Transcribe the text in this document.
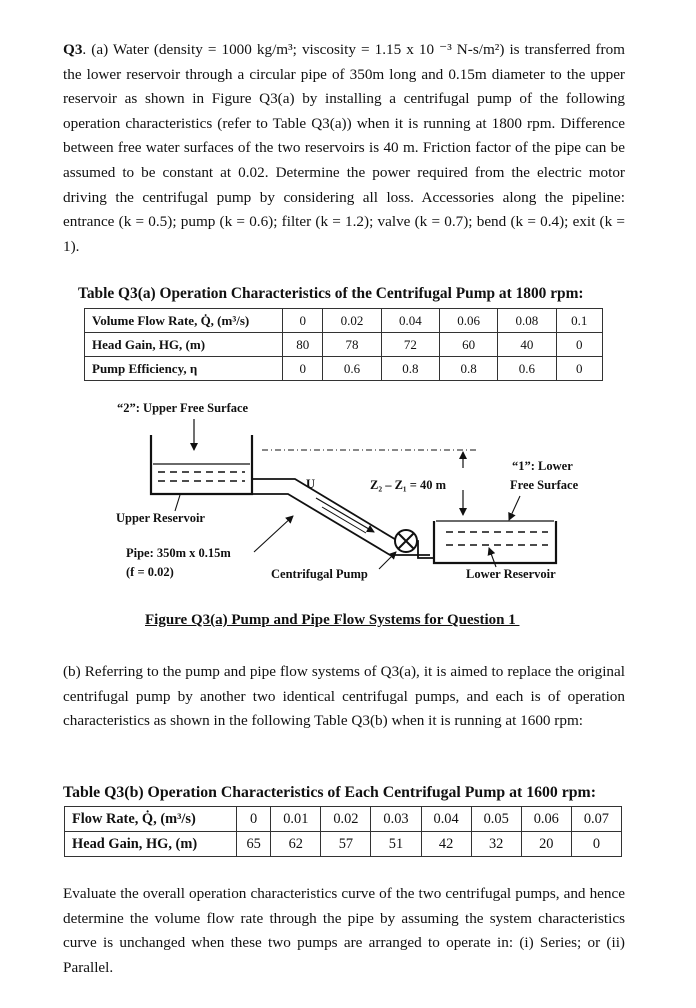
Q3. (a) Water (density = 1000 kg/m³; viscosity = 1.15 x 10 ⁻³ N-s/m²) is transferred from the lower reservoir through a circular pipe of 350m long and 0.15m diameter to the upper reservoir as shown in Figure Q3(a) by installing a centrifugal pump of the following operation characteristics (refer to Table Q3(a)) when it is running at 1800 rpm. Difference between free water surfaces of the two reservoirs is 40 m. Friction factor of the pipe can be assumed to be constant at 0.02. Determine the power required from the electric motor driving the centrifugal pump by considering all loss. Accessories along the pipeline: entrance (k = 0.5); pump (k = 0.6); filter (k = 1.2); valve (k = 0.7); bend (k = 0.4); exit (k = 1).

Table Q3(a) Operation Characteristics of the Centrifugal Pump at 1800 rpm:

Volume Flow Rate, Q̇, (m³/s)	0	0.02	0.04	0.06	0.08	0.1
Head Gain, HG, (m)	80	78	72	60	40	0
Pump Efficiency, η	0	0.6	0.8	0.8	0.6	0
“2”: Upper Free Surface
Upper Reservoir
U	Z₂ – Z₁ = 40 m
“1”: Lower
Free Surface
Lower Reservoir
Pipe: 350m x 0.15m
(f = 0.02)	Centrifugal Pump

Figure Q3(a) Pump and Pipe Flow Systems for Question 1

(b) Referring to the pump and pipe flow systems of Q3(a), it is aimed to replace the original centrifugal pump by another two identical centrifugal pumps, and each is of operation characteristics as shown in the following Table Q3(b) when it is running at 1600 rpm:

Table Q3(b) Operation Characteristics of Each Centrifugal Pump at 1600 rpm:

Flow Rate, Q̇, (m³/s)	0	0.01	0.02	0.03	0.04	0.05	0.06	0.07
Head Gain, HG, (m)	65	62	57	51	42	32	20	0

Evaluate the overall operation characteristics curve of the two centrifugal pumps, and hence determine the volume flow rate through the pipe by assuming the system characteristics curve is unchanged when these two pumps are arranged to operate in: (i) Series; or (ii) Parallel.
